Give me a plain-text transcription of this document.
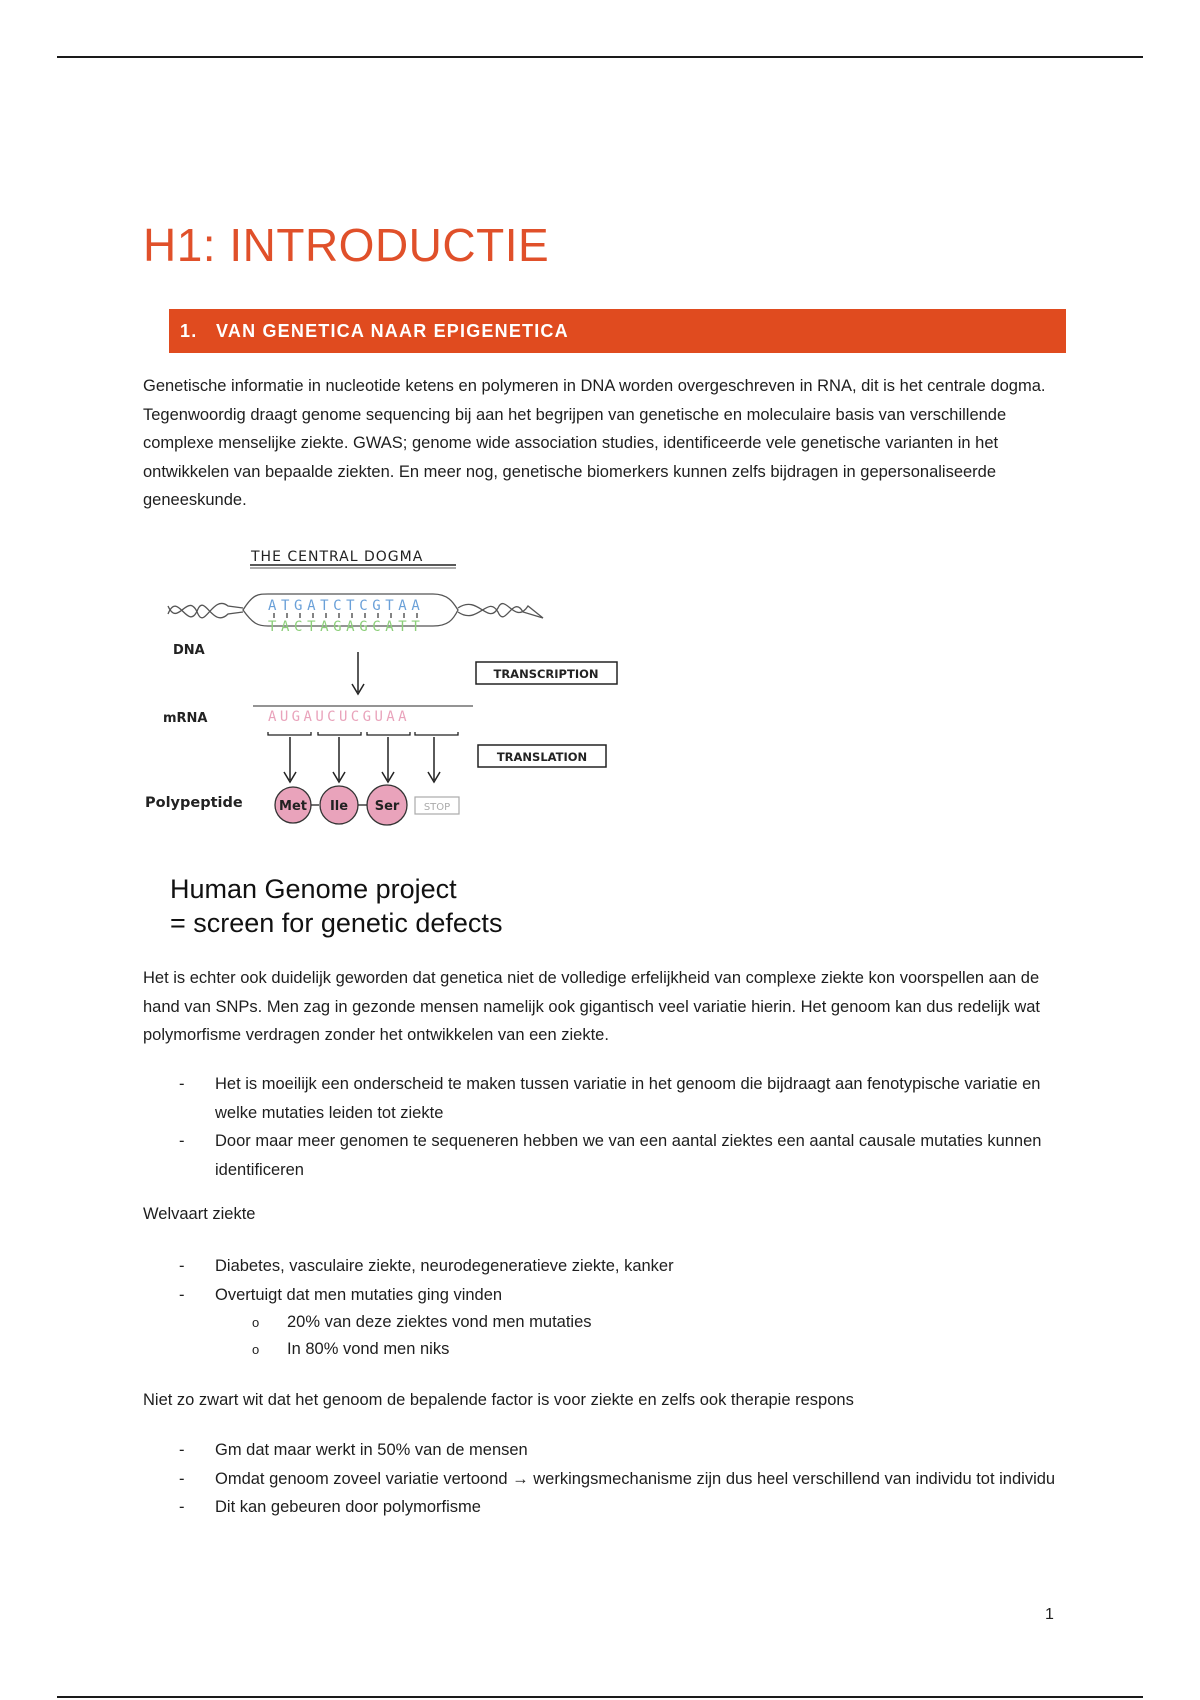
H1: INTRODUCTIE
1.	VAN GENETICA NAAR EPIGENETICA

Genetische informatie in nucleotide ketens en polymeren in DNA worden overgeschreven in RNA, dit is het centrale dogma. Tegenwoordig draagt genome sequencing bij aan het begrijpen van genetische en moleculaire basis van verschillende complexe menselijke ziekte. GWAS; genome wide association studies, identificeerde vele genetische varianten in het ontwikkelen van bepaalde ziekten. En meer nog, genetische biomerkers kunnen zelfs bijdragen in gepersonaliseerde geneeskunde.

THE CENTRAL DOGMA
ATGATCTCGTAA
TACTAGAGCATT
DNA
TRANSCRIPTION
mRNA	AUGAUCUCGUAA
TRANSLATION
Polypeptide	Met Ile Ser STOP

Human Genome project
= screen for genetic defects

Het is echter ook duidelijk geworden dat genetica niet de volledige erfelijkheid van complexe ziekte kon voorspellen aan de hand van SNPs. Men zag in gezonde mensen namelijk ook gigantisch veel variatie hierin. Het genoom kan dus redelijk wat polymorfisme verdragen zonder het ontwikkelen van een ziekte.

- Het is moeilijk een onderscheid te maken tussen variatie in het genoom die bijdraagt aan fenotypische variatie en welke mutaties leiden tot ziekte
- Door maar meer genomen te sequeneren hebben we van een aantal ziektes een aantal causale mutaties kunnen identificeren

Welvaart ziekte

- Diabetes, vasculaire ziekte, neurodegeneratieve ziekte, kanker
- Overtuigt dat men mutaties ging vinden
o 20% van deze ziektes vond men mutaties
o In 80% vond men niks

Niet zo zwart wit dat het genoom de bepalende factor is voor ziekte en zelfs ook therapie respons

- Gm dat maar werkt in 50% van de mensen
- Omdat genoom zoveel variatie vertoond → werkingsmechanisme zijn dus heel verschillend van individu tot individu
- Dit kan gebeuren door polymorfisme
1
